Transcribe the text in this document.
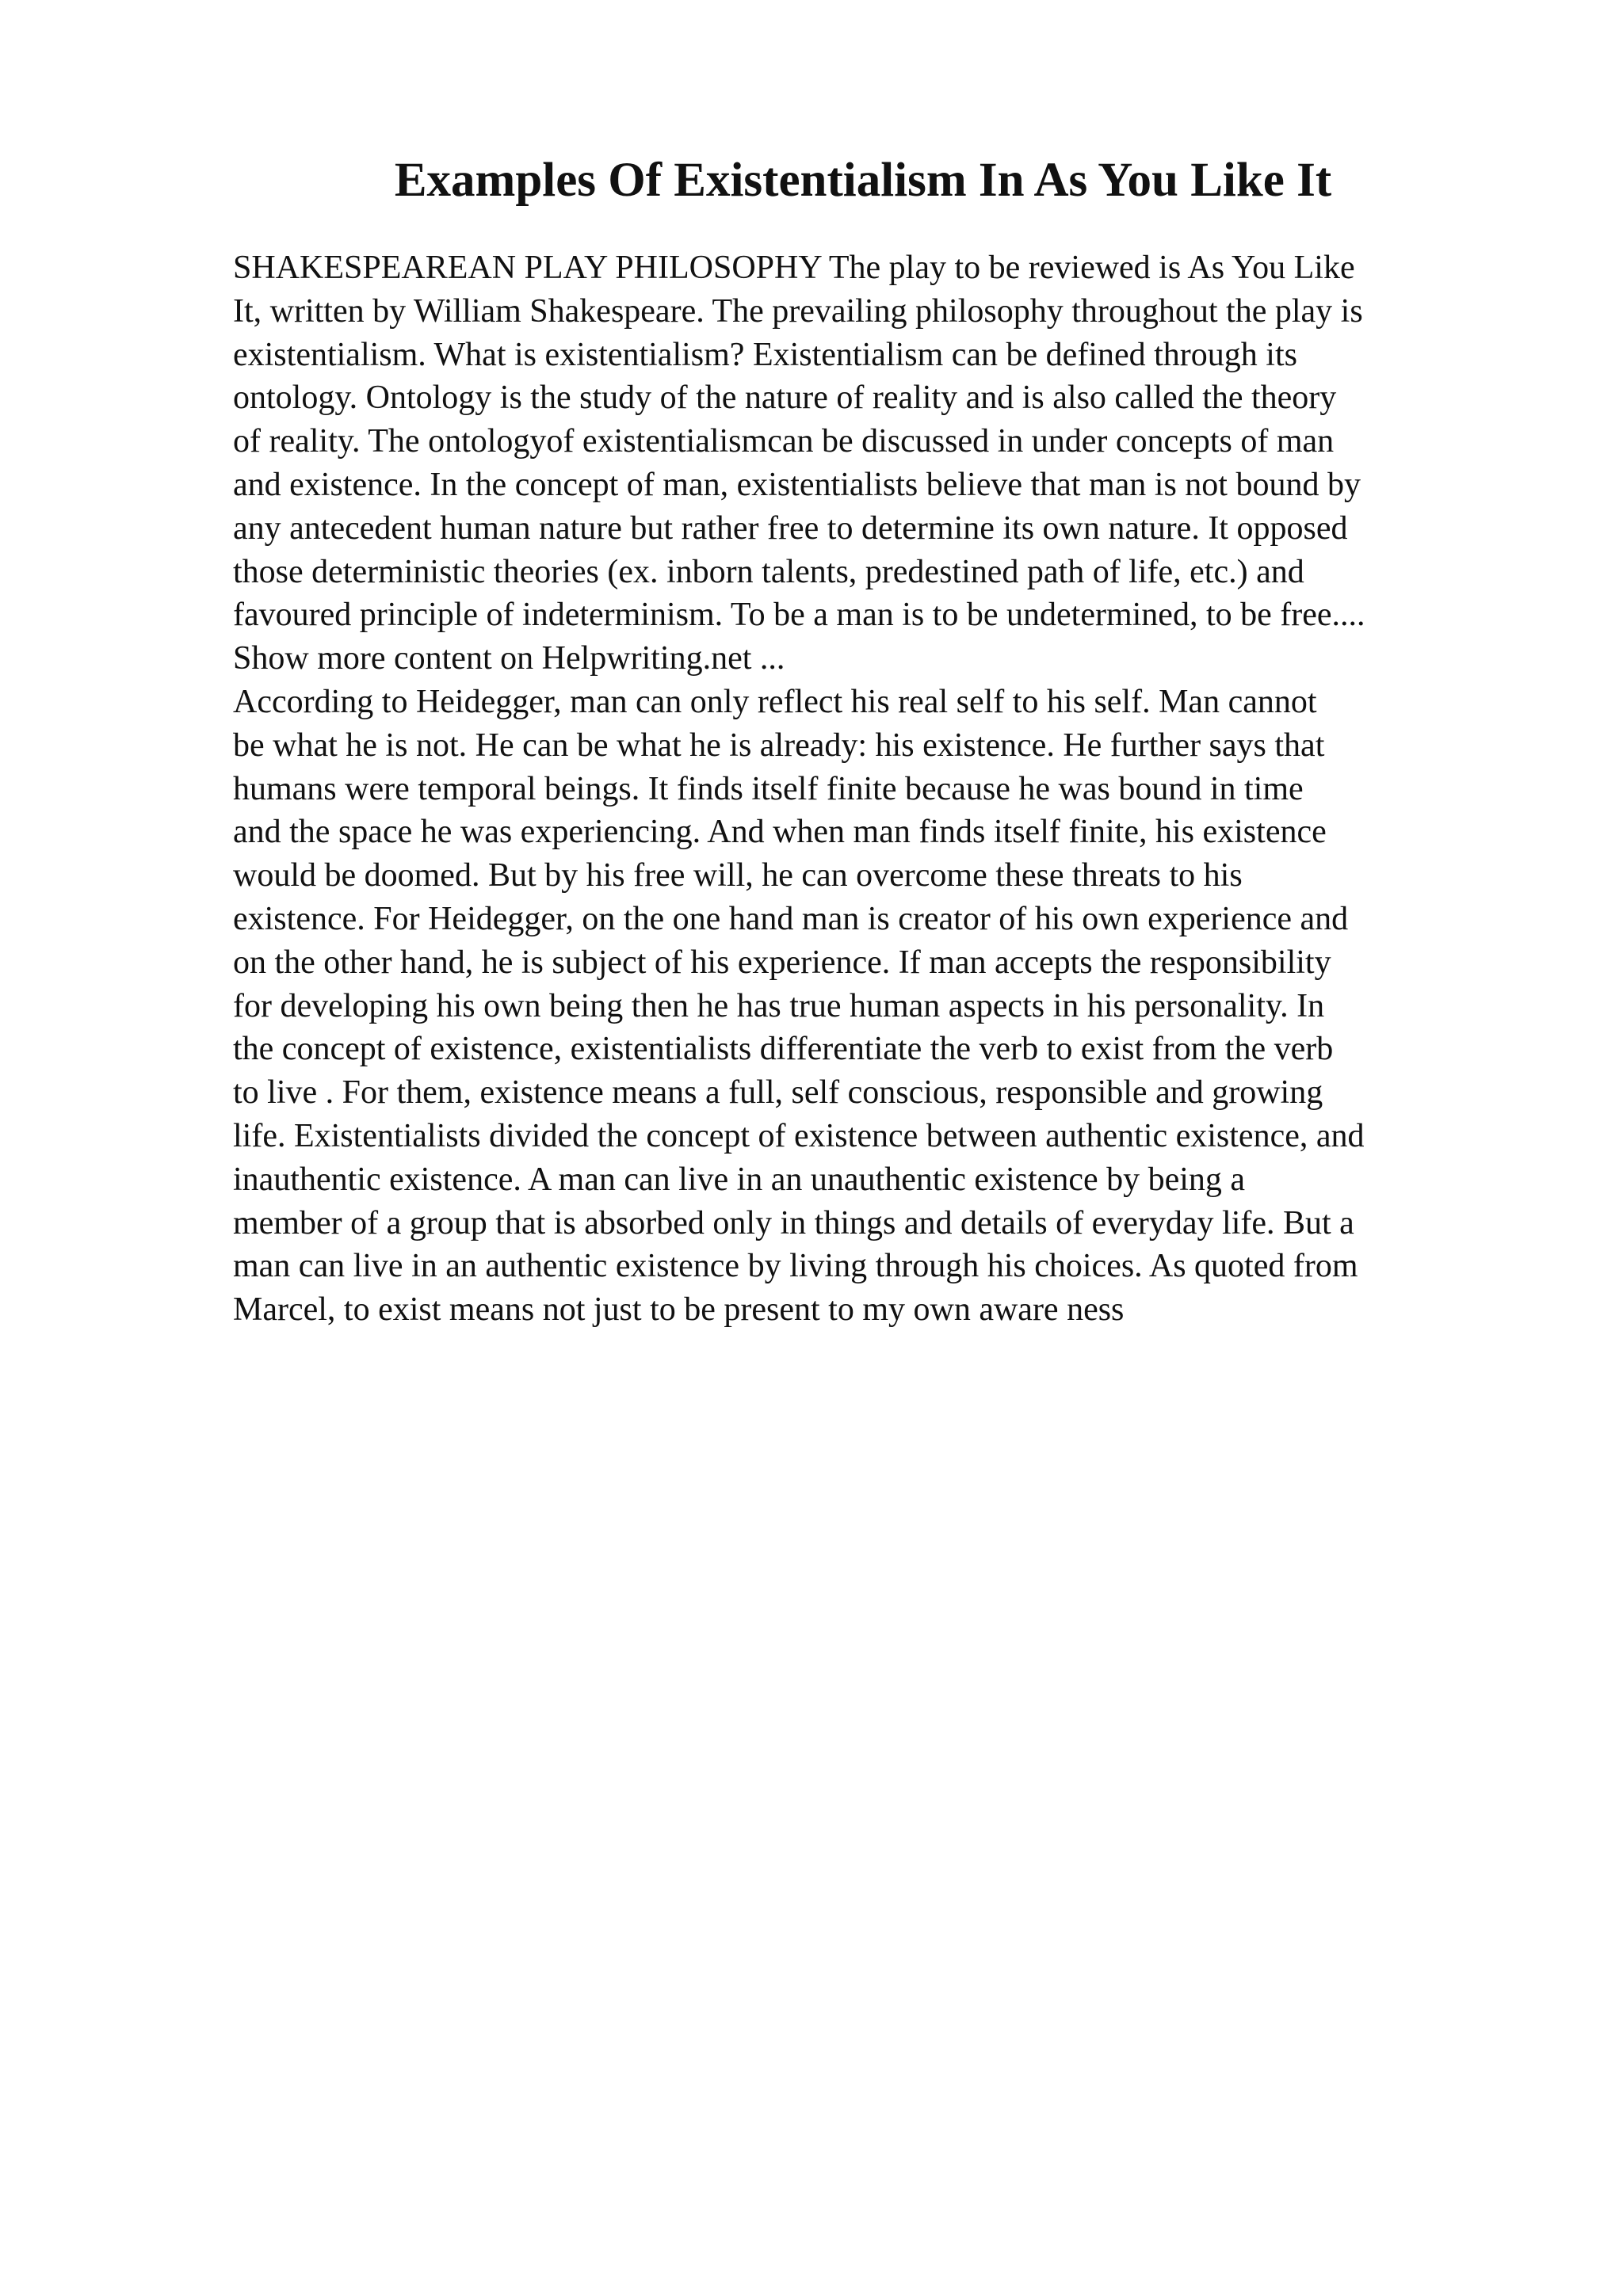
Examples Of Existentialism In As You Like It
SHAKESPEAREAN PLAY PHILOSOPHY The play to be reviewed is As You Like
It, written by William Shakespeare. The prevailing philosophy throughout the play is
existentialism. What is existentialism? Existentialism can be defined through its
ontology. Ontology is the study of the nature of reality and is also called the theory
of reality. The ontologyof existentialismcan be discussed in under concepts of man
and existence. In the concept of man, existentialists believe that man is not bound by
any antecedent human nature but rather free to determine its own nature. It opposed
those deterministic theories (ex. inborn talents, predestined path of life, etc.) and
favoured principle of indeterminism. To be a man is to be undetermined, to be free....
Show more content on Helpwriting.net ...
According to Heidegger, man can only reflect his real self to his self. Man cannot
be what he is not. He can be what he is already: his existence. He further says that
humans were temporal beings. It finds itself finite because he was bound in time
and the space he was experiencing. And when man finds itself finite, his existence
would be doomed. But by his free will, he can overcome these threats to his
existence. For Heidegger, on the one hand man is creator of his own experience and
on the other hand, he is subject of his experience. If man accepts the responsibility
for developing his own being then he has true human aspects in his personality. In
the concept of existence, existentialists differentiate the verb to exist from the verb
to live . For them, existence means a full, self conscious, responsible and growing
life. Existentialists divided the concept of existence between authentic existence, and
inauthentic existence. A man can live in an unauthentic existence by being a
member of a group that is absorbed only in things and details of everyday life. But a
man can live in an authentic existence by living through his choices. As quoted from
Marcel, to exist means not just to be present to my own aware ness
